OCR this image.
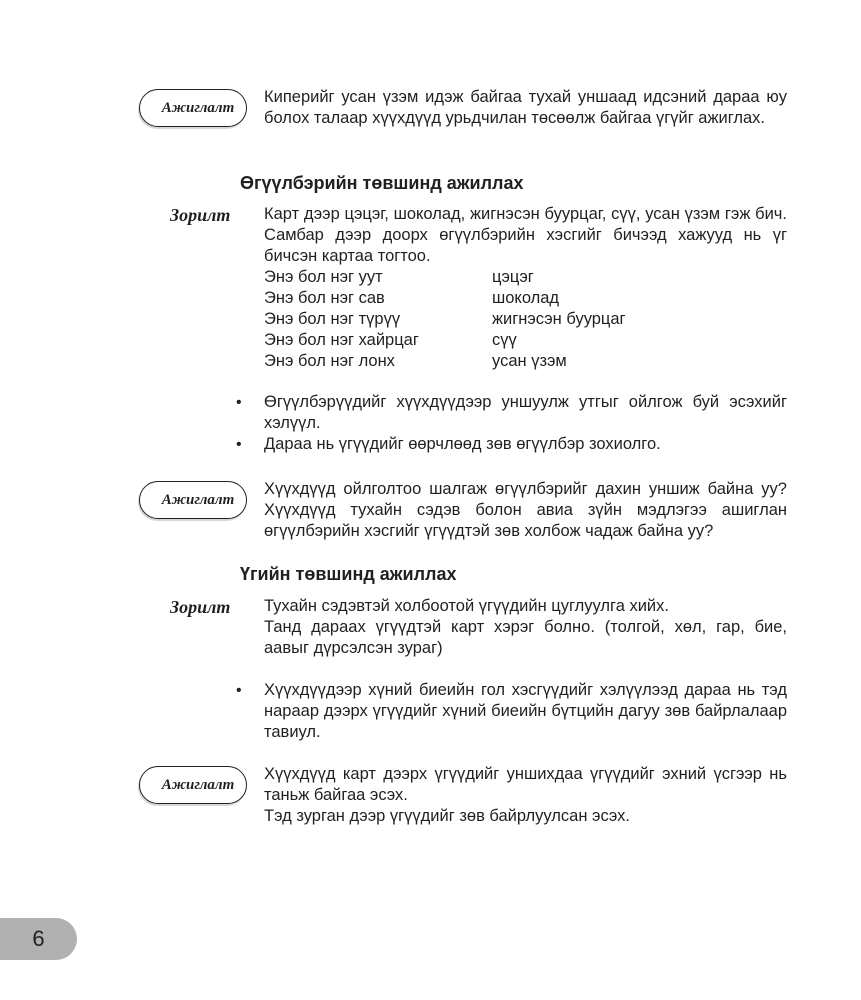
Ажиглалт

Киперийг усан үзэм идэж байгаа тухай уншаад идсэний дараа юу болох талаар хүүхдүүд урьдчилан төсөөлж байгаа үгүйг ажиглах.

Өгүүлбэрийн төвшинд ажиллах
Зорилт Карт дээр цэцэг, шоколад, жигнэсэн буурцаг, сүү, усан үзэм гэж бич. Самбар дээр доорх өгүүлбэрийн хэсгийг бичээд хажууд нь үг бичсэн картаа тогтоо.

Энэ бол нэг уут	цэцэг
Энэ бол нэг сав	шоколад
Энэ бол нэг түрүү	жигнэсэн буурцаг
Энэ бол нэг хайрцаг	сүү
Энэ бол нэг лонх	усан үзэм
•	Өгүүлбэрүүдийг хүүхдүүдээр уншуулж утгыг ойлгож буй эсэхийг хэлүүл.
•	Дараа нь үгүүдийг өөрчлөөд зөв өгүүлбэр зохиолго.
Ажиглалт

Хүүхдүүд ойлголтоо шалгаж өгүүлбэрийг дахин уншиж байна уу? Хүүхдүүд тухайн сэдэв болон авиа зүйн мэдлэгээ ашиглан өгүүлбэрийн хэсгийг үгүүдтэй зөв холбож чадаж байна уу?

Үгийн төвшинд ажиллах
Зорилт Тухайн сэдэвтэй холбоотой үгүүдийн цуглуулга хийх.

Танд дараах үгүүдтэй карт хэрэг болно. (толгой, хөл, гар, бие, аавыг дүрсэлсэн зураг)

•	Хүүхдүүдээр хүний биеийн гол хэсгүүдийг хэлүүлээд дараа нь тэд нараар дээрх үгүүдийг хүний биеийн бүтцийн дагуу зөв байрлалаар тавиул.
Ажиглалт

Хүүхдүүд карт дээрх үгүүдийг уншихдаа үгүүдийг эхний үсгээр нь таньж байгаа эсэх.

Тэд зурган дээр үгүүдийг зөв байрлуулсан эсэх.

6
